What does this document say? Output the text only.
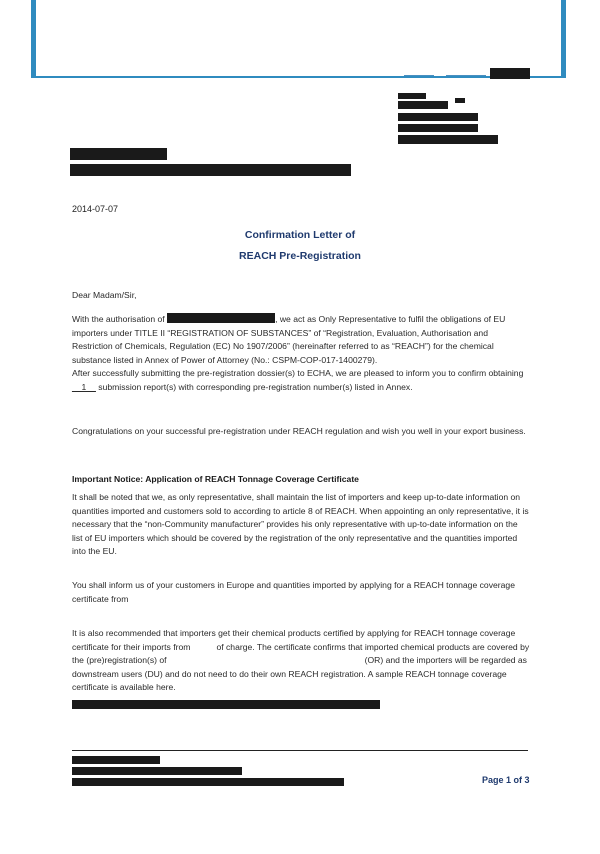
2014-07-07
Confirmation Letter of
REACH Pre-Registration
Dear Madam/Sir,
With the authorisation of	, we act as Only Representative to fulfil the obligations of EU importers under TITLE II “REGISTRATION OF SUBSTANCES” of “Registration, Evaluation, Authorisation and Restriction of Chemicals, Regulation (EC) No 1907/2006” (hereinafter referred to as “REACH”) for the chemical substance listed in Annex of Power of Attorney (No.: CSPM-COP-017-1400279).
After successfully submitting the pre-registration dossier(s) to ECHA, we are pleased to inform you to confirm obtaining __1__ submission report(s) with corresponding pre-registration number(s) listed in Annex.

Congratulations on your successful pre-registration under REACH regulation and wish you well in your export business.

Important Notice: Application of REACH Tonnage Coverage Certificate

It shall be noted that we, as only representative, shall maintain the list of importers and keep up-to-date information on quantities imported and customers sold to according to article 8 of REACH. When appointing an only representative, it is necessary that the “non-Community manufacturer” provides his only representative with up-to-date information on the list of EU importers which should be covered by the registration of the only representative and the quantities imported into the EU.

You shall inform us of your customers in Europe and quantities imported by applying for a REACH tonnage coverage certificate from

It is also recommended that importers get their chemical products certified by applying for REACH tonnage coverage certificate for their imports from	of charge. The certificate confirms that imported chemical products are covered by the (pre)registration(s) of	(OR) and the importers will be regarded as downstream users (DU) and do not need to do their own REACH registration. A sample REACH tonnage coverage certificate is available here.
Page 1 of 3
